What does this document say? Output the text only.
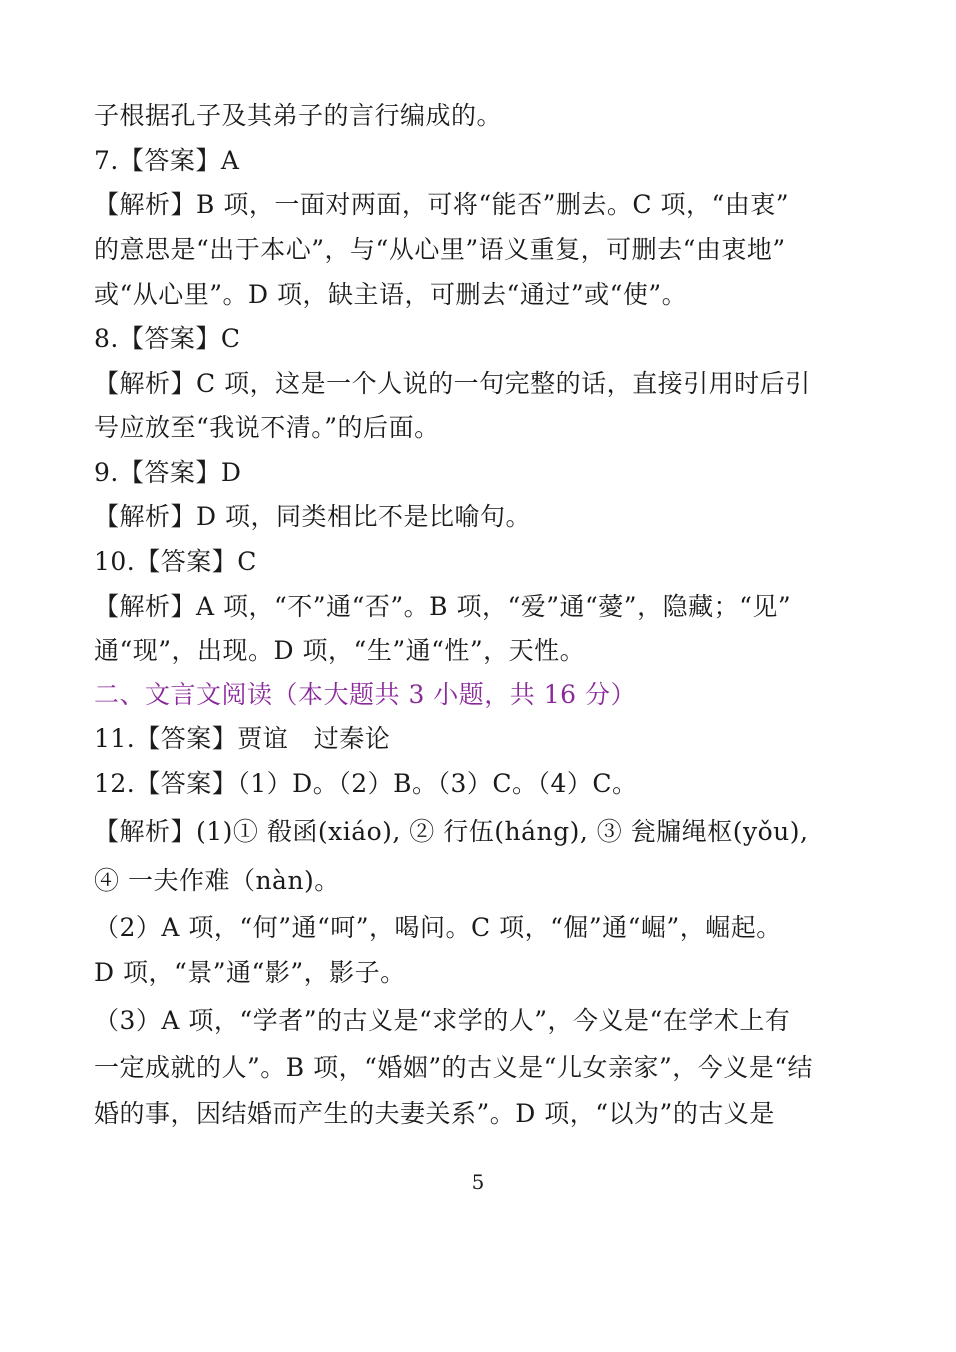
子根据孔子及其弟子的言行编成的。
7.【答案】A
【解析】B 项，一面对两面，可将“能否”删去。C 项，“由衷”
的意思是“出于本心”，与“从心里”语义重复，可删去“由衷地”
或“从心里”。D 项，缺主语，可删去“通过”或“使”。
8.【答案】C
【解析】C 项，这是一个人说的一句完整的话，直接引用时后引
号应放至“我说不清。”的后面。
9.【答案】D
【解析】D 项，同类相比不是比喻句。
10.【答案】C
【解析】A 项，“不”通“否”。B 项，“爱”通“薆”，隐藏；“见”
通“现”，出现。D 项，“生”通“性”，天性。
二、文言文阅读（本大题共 3 小题，共 16 分）
11.【答案】贾谊　过秦论
12.【答案】（1）D。（2）B。（3）C。（4）C。
【解析】(1)① 殽函(xiáo), ② 行伍(háng), ③ 瓮牖绳枢(yǒu),
④ 一夫作难（nàn)。
（2）A 项，“何”通“呵”，喝问。C 项，“倔”通“崛”，崛起。
D 项，“景”通“影”，影子。
（3）A 项，“学者”的古义是“求学的人”，今义是“在学术上有
一定成就的人”。B 项，“婚姻”的古义是“儿女亲家”，今义是“结
婚的事，因结婚而产生的夫妻关系”。D 项，“以为”的古义是
5
